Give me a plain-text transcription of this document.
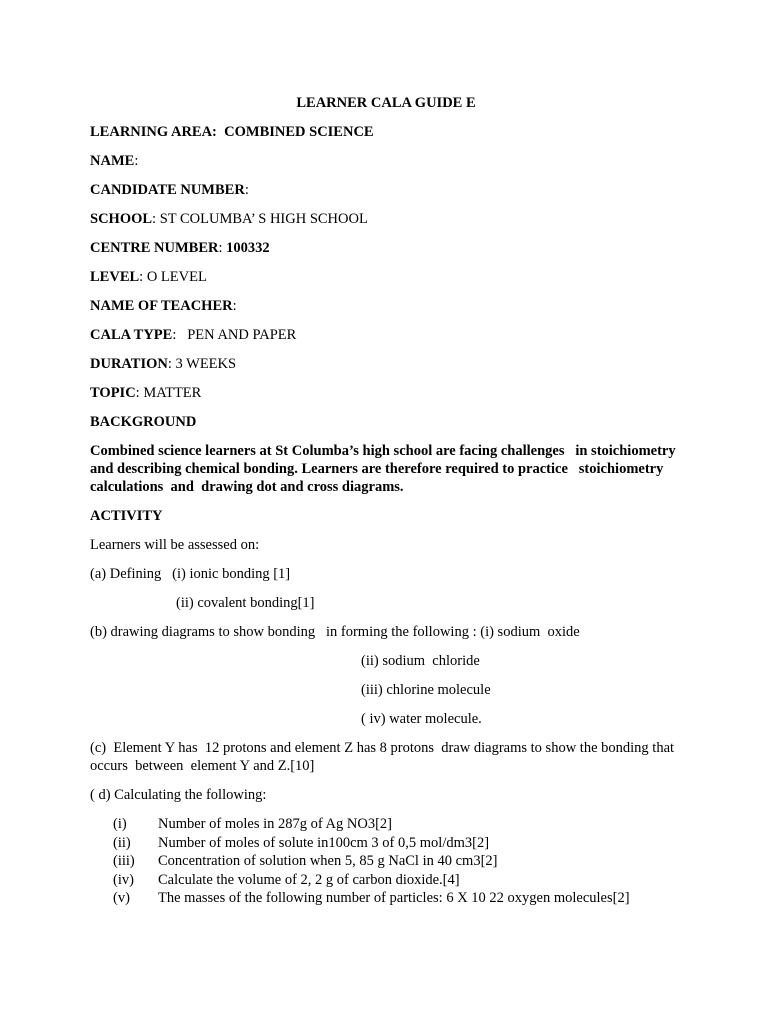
LEARNER CALA GUIDE E

LEARNING AREA: COMBINED SCIENCE

NAME:

CANDIDATE NUMBER:

SCHOOL: ST COLUMBA’ S HIGH SCHOOL

CENTRE NUMBER: 100332

LEVEL: O LEVEL

NAME OF TEACHER:

CALA TYPE:   PEN AND PAPER

DURATION: 3 WEEKS

TOPIC: MATTER

BACKGROUND

Combined science learners at St Columba’s high school are facing challenges   in stoichiometry and describing chemical bonding. Learners are therefore required to practice   stoichiometry calculations  and  drawing dot and cross diagrams.

ACTIVITY

Learners will be assessed on:

(a) Defining   (i) ionic bonding [1]

(ii) covalent bonding[1]

(b) drawing diagrams to show bonding   in forming the following : (i) sodium  oxide

(ii) sodium  chloride

(iii) chlorine molecule

( iv) water molecule.

(c)  Element Y has  12 protons and element Z has 8 protons  draw diagrams to show the bonding that occurs  between  element Y and Z.[10]

( d) Calculating the following:

(i)	Number of moles in 287g of Ag NO3[2]
(ii)	Number of moles of solute in100cm 3 of 0,5 mol/dm3[2]
(iii)	Concentration of solution when 5, 85 g NaCl in 40 cm3[2]
(iv)	Calculate the volume of 2, 2 g of carbon dioxide.[4]
(v)	The masses of the following number of particles: 6 X 10 22 oxygen molecules[2]
